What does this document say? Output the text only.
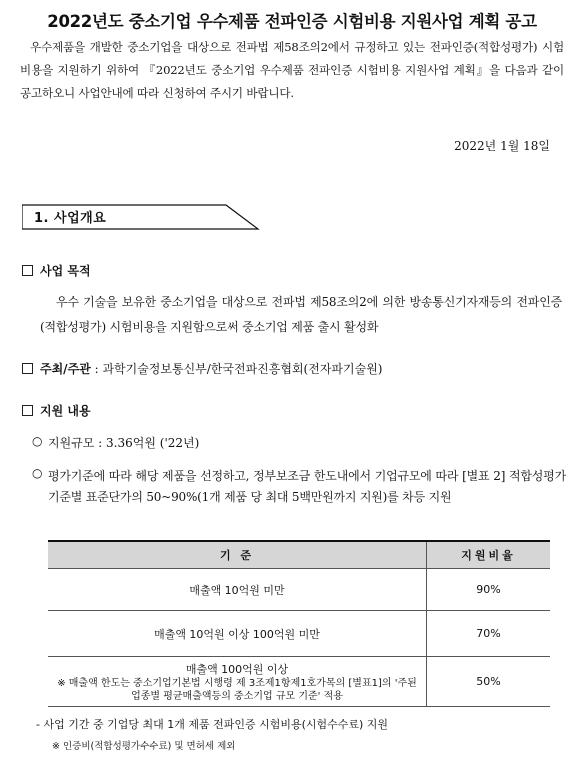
2022년도 중소기업 우수제품 전파인증 시험비용 지원사업 계획 공고
우수제품을 개발한 중소기업을 대상으로 전파법 제58조의2에서 규정하고 있는 전파인증(적합성평가) 시험비용을 지원하기 위하여 『2022년도 중소기업 우수제품 전파인증 시험비용 지원사업 계획』을 다음과 같이 공고하오니 사업안내에 따라 신청하여 주시기 바랍니다.
2022년 1월 18일
1. 사업개요
사업 목적
우수 기술을 보유한 중소기업을 대상으로 전파법 제58조의2에 의한 방송통신기자재등의 전파인증(적합성평가) 시험비용을 지원함으로써 중소기업 제품 출시 활성화
주최/주관 : 과학기술정보통신부/한국전파진흥협회(전자파기술원)
지원 내용
○ 지원규모 : 3.36억원 ('22년)
○ 평가기준에 따라 해당 제품을 선정하고, 정부보조금 한도내에서 기업규모에 따라 [별표 2] 적합성평가 기준별 표준단가의 50~90%(1개 제품 당 최대 5백만원까지 지원)를 차등 지원
기 준	지원비율
매출액 10억원 미만	90%
매출액 10억원 이상 100억원 미만	70%

매출액 100억원 이상
※ 매출액 한도는 중소기업기본법 시행령 제 3조제1항제1호가목의 [별표1]의 '주된 업종별 평균매출액등의 중소기업 규모 기준' 적용	50%
- 사업 기간 중 기업당 최대 1개 제품 전파인증 시험비용(시험수수료) 지원
※ 인증비(적합성평가수수료) 및 면허세 제외
